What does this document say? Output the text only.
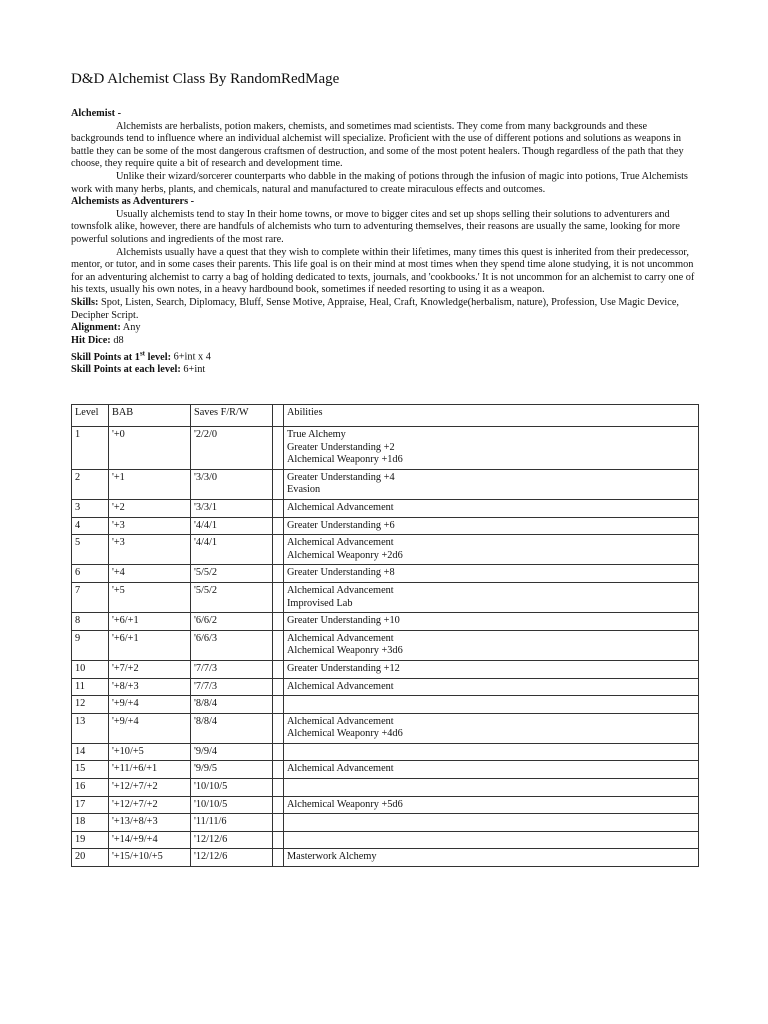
D&D Alchemist Class By RandomRedMage

Alchemist -

Alchemists are herbalists, potion makers, chemists, and sometimes mad scientists. They come from many backgrounds and these backgrounds tend to influence where an individual alchemist will specialize. Proficient with the use of different potions and solutions as weapons in battle they can be some of the most dangerous craftsmen of destruction, and some of the most potent healers. Though regardless of the path that they choose, they require quite a bit of research and development time.

Unlike their wizard/sorcerer counterparts who dabble in the making of potions through the infusion of magic into potions, True Alchemists work with many herbs, plants, and chemicals, natural and manufactured to create miraculous effects and outcomes.

Alchemists as Adventurers -

Usually alchemists tend to stay In their home towns, or move to bigger cites and set up shops selling their solutions to adventurers and townsfolk alike, however, there are handfuls of alchemists who turn to adventuring themselves, their reasons are usually the same, looking for more powerful solutions and ingredients of the most rare.

Alchemists usually have a quest that they wish to complete within their lifetimes, many times this quest is inherited from their predecessor, mentor, or tutor, and in some cases their parents. This life goal is on their mind at most times when they spend time alone studying, it is not uncommon for an adventuring alchemist to carry a bag of holding dedicated to texts, journals, and 'cookbooks.' It is not uncommon for an alchemist to carry one of his texts, usually his own notes, in a heavy hardbound book, sometimes if needed resorting to using it as a weapon.

Skills: Spot, Listen, Search, Diplomacy, Bluff, Sense Motive, Appraise, Heal, Craft, Knowledge(herbalism, nature), Profession, Use Magic Device, Decipher Script.

Alignment: Any

Hit Dice: d8

Skill Points at 1st level: 6+int x 4

Skill Points at each level: 6+int

Level	BAB	Saves F/R/W		Abilities
1	'+0	'2/2/0		True Alchemy
Greater Understanding +2
Alchemical Weaponry +1d6

2	'+1	'3/3/0		Greater Understanding +4
Evasion

3	'+2	'3/3/1		Alchemical Advancement

4	'+3	'4/4/1		Greater Understanding +6

5	'+3	'4/4/1		Alchemical Advancement
Alchemical Weaponry +2d6

6	'+4	'5/5/2		Greater Understanding +8

7	'+5	'5/5/2		Alchemical Advancement
Improvised Lab

8	'+6/+1	'6/6/2		Greater Understanding +10

9	'+6/+1	'6/6/3		Alchemical Advancement
Alchemical Weaponry +3d6

10	'+7/+2	'7/7/3		Greater Understanding +12

11	'+8/+3	'7/7/3		Alchemical Advancement

12	'+9/+4	'8/8/4		
13	'+9/+4	'8/8/4		Alchemical Advancement
Alchemical Weaponry +4d6

14	'+10/+5	'9/9/4		
15	'+11/+6/+1	'9/9/5		Alchemical Advancement

16	'+12/+7/+2	'10/10/5		
17	'+12/+7/+2	'10/10/5		Alchemical Weaponry +5d6

18	'+13/+8/+3	'11/11/6		
19	'+14/+9/+4	'12/12/6		
20	'+15/+10/+5	'12/12/6		Masterwork Alchemy
